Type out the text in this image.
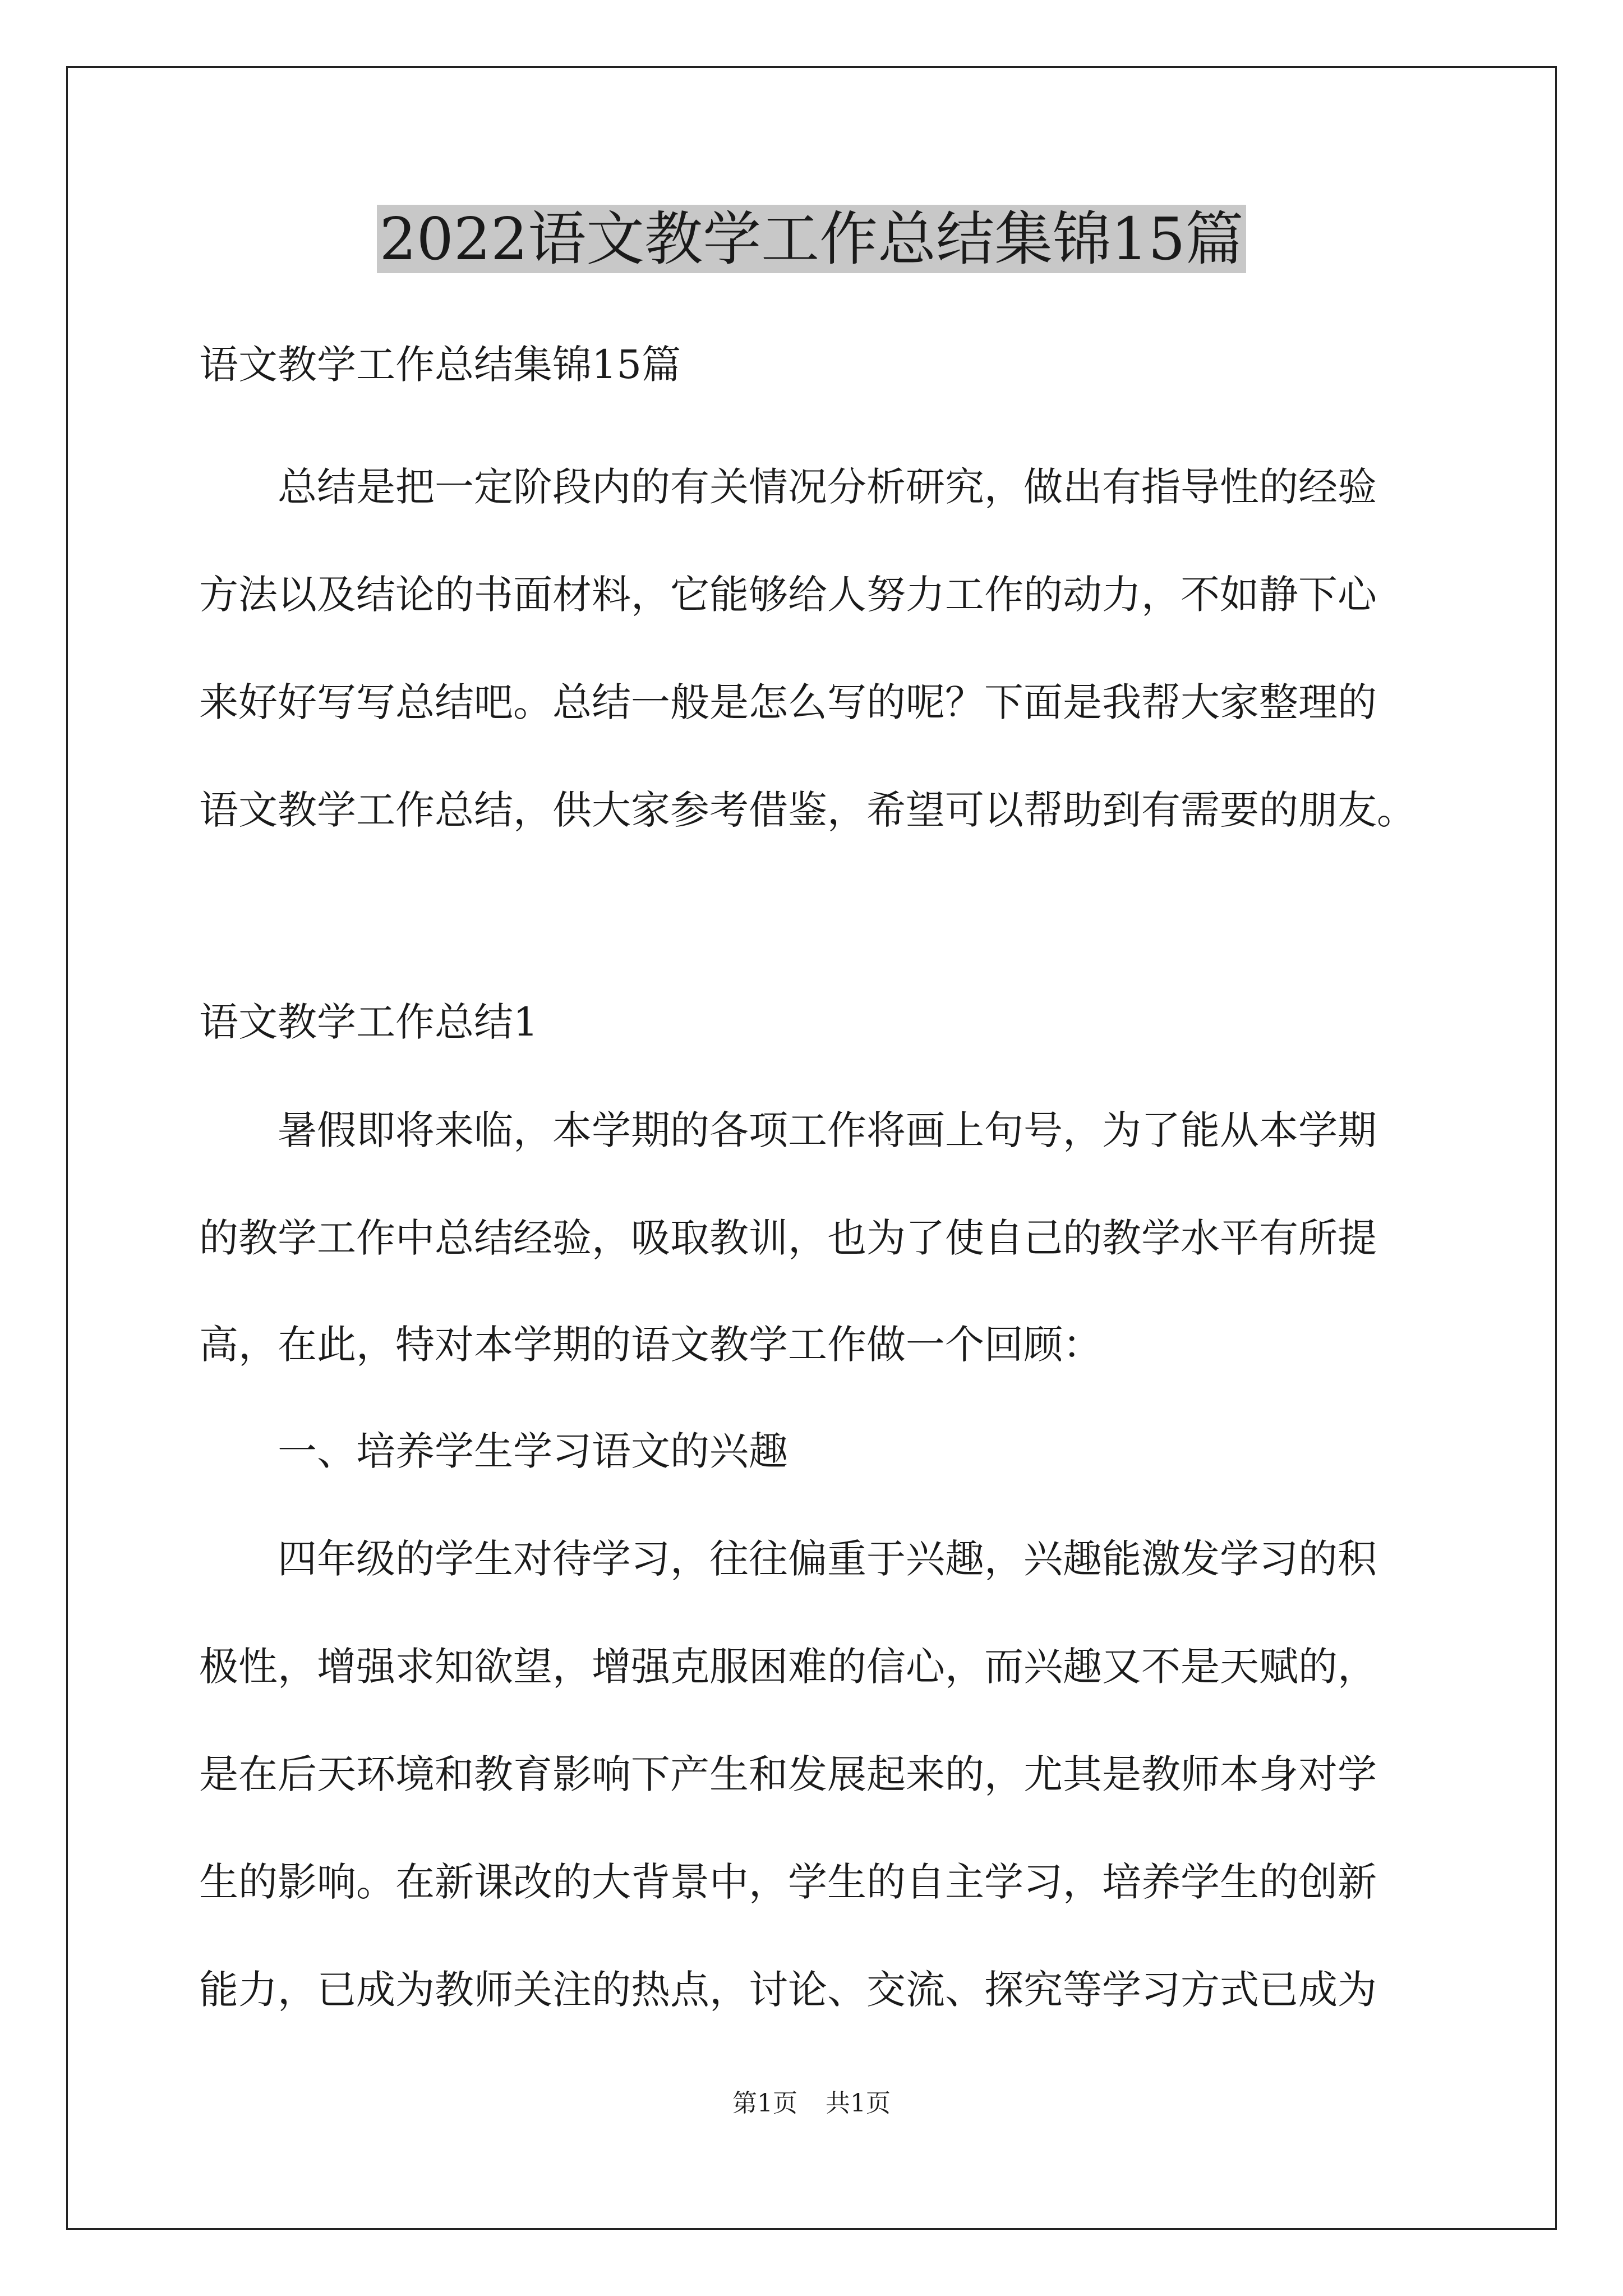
2022语文教学工作总结集锦15篇
语文教学工作总结集锦15篇
　　总结是把一定阶段内的有关情况分析研究，做出有指导性的经验
方法以及结论的书面材料，它能够给人努力工作的动力，不如静下心
来好好写写总结吧。总结一般是怎么写的呢？下面是我帮大家整理的
语文教学工作总结，供大家参考借鉴，希望可以帮助到有需要的朋友。
语文教学工作总结1
　　暑假即将来临，本学期的各项工作将画上句号，为了能从本学期
的教学工作中总结经验，吸取教训，也为了使自己的教学水平有所提
高，在此，特对本学期的语文教学工作做一个回顾：
　　一、培养学生学习语文的兴趣
　　四年级的学生对待学习，往往偏重于兴趣，兴趣能激发学习的积
极性，增强求知欲望，增强克服困难的信心，而兴趣又不是天赋的，
是在后天环境和教育影响下产生和发展起来的，尤其是教师本身对学
生的影响。在新课改的大背景中，学生的自主学习，培养学生的创新
能力，已成为教师关注的热点，讨论、交流、探究等学习方式已成为
第1页 共1页
